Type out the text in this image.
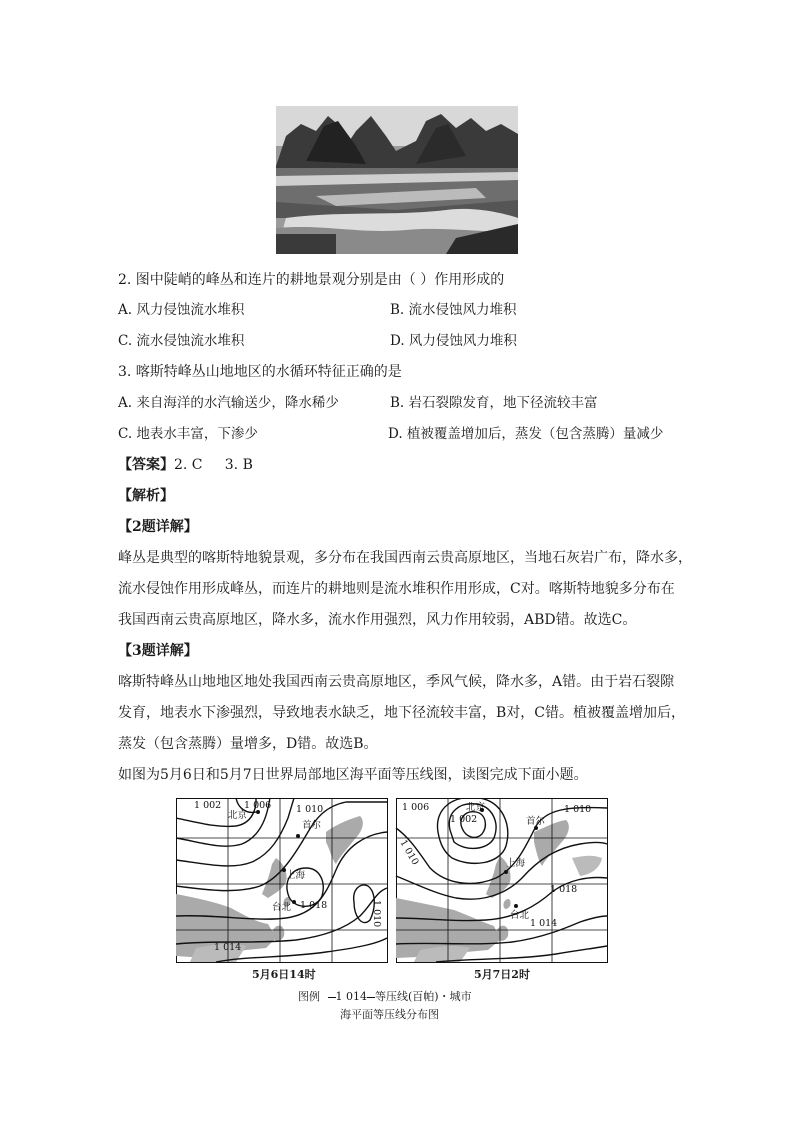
2. 图中陡峭的峰丛和连片的耕地景观分别是由（ ）作用形成的
A. 风力侵蚀流水堆积	B. 流水侵蚀风力堆积
C. 流水侵蚀流水堆积	D. 风力侵蚀风力堆积
3. 喀斯特峰丛山地地区的水循环特征正确的是
A. 来自海洋的水汽输送少，降水稀少	B. 岩石裂隙发育，地下径流较丰富
C. 地表水丰富，下渗少	D. 植被覆盖增加后，蒸发（包含蒸腾）量减少
【答案】2. C     3. B
【解析】
【2题详解】
峰丛是典型的喀斯特地貌景观，多分布在我国西南云贵高原地区，当地石灰岩广布，降水多，
流水侵蚀作用形成峰丛，而连片的耕地则是流水堆积作用形成，C对。喀斯特地貌多分布在
我国西南云贵高原地区，降水多，流水作用强烈，风力作用较弱，ABD错。故选C。
【3题详解】
喀斯特峰丛山地地区地处我国西南云贵高原地区，季风气候，降水多，A错。由于岩石裂隙
发育，地表水下渗强烈，导致地表水缺乏，地下径流较丰富，B对，C错。植被覆盖增加后，
蒸发（包含蒸腾）量增多，D错。故选B。
如图为5月6日和5月7日世界局部地区海平面等压线图，读图完成下面小题。
1 002 1 006	1 010
北京
首尔
上海
台北 1 018	1 010
1 014
1 006	北京
1 002
1 010
首尔
1 010
上海
1 018
台北
1 014
5月6日14时	5月7日2时
图例 1 014 等压线(百帕)・城市
海平面等压线分布图
